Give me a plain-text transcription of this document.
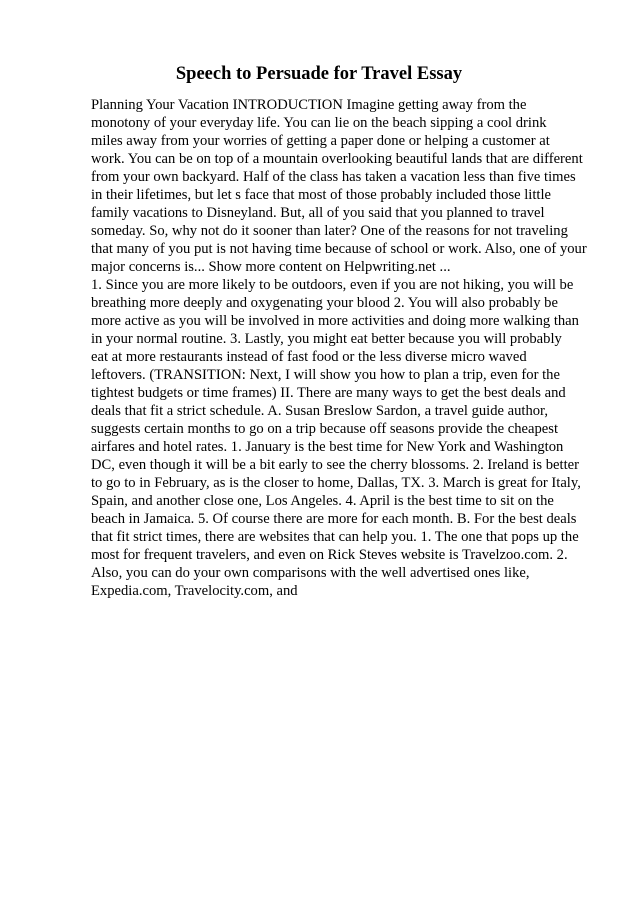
Speech to Persuade for Travel Essay
Planning Your Vacation INTRODUCTION Imagine getting away from the
monotony of your everyday life. You can lie on the beach sipping a cool drink
miles away from your worries of getting a paper done or helping a customer at
work. You can be on top of a mountain overlooking beautiful lands that are different
from your own backyard. Half of the class has taken a vacation less than five times
in their lifetimes, but let s face that most of those probably included those little
family vacations to Disneyland. But, all of you said that you planned to travel
someday. So, why not do it sooner than later? One of the reasons for not traveling
that many of you put is not having time because of school or work. Also, one of your
major concerns is... Show more content on Helpwriting.net ...
1. Since you are more likely to be outdoors, even if you are not hiking, you will be
breathing more deeply and oxygenating your blood 2. You will also probably be
more active as you will be involved in more activities and doing more walking than
in your normal routine. 3. Lastly, you might eat better because you will probably
eat at more restaurants instead of fast food or the less diverse micro waved
leftovers. (TRANSITION: Next, I will show you how to plan a trip, even for the
tightest budgets or time frames) II. There are many ways to get the best deals and
deals that fit a strict schedule. A. Susan Breslow Sardon, a travel guide author,
suggests certain months to go on a trip because off seasons provide the cheapest
airfares and hotel rates. 1. January is the best time for New York and Washington
DC, even though it will be a bit early to see the cherry blossoms. 2. Ireland is better
to go to in February, as is the closer to home, Dallas, TX. 3. March is great for Italy,
Spain, and another close one, Los Angeles. 4. April is the best time to sit on the
beach in Jamaica. 5. Of course there are more for each month. B. For the best deals
that fit strict times, there are websites that can help you. 1. The one that pops up the
most for frequent travelers, and even on Rick Steves website is Travelzoo.com. 2.
Also, you can do your own comparisons with the well advertised ones like,
Expedia.com, Travelocity.com, and
